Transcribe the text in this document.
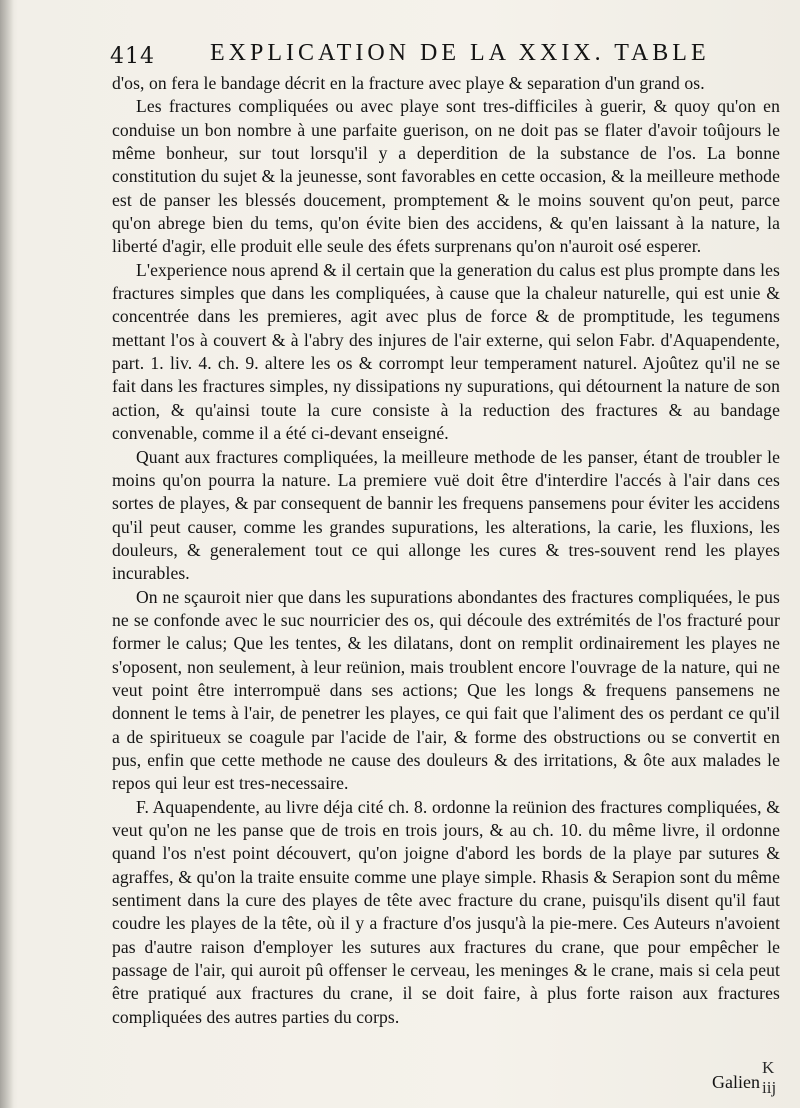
414 EXPLICATION DE LA XXIX. TABLE

d'os, on fera le bandage décrit en la fracture avec playe & separation d'un grand os.

Les fractures compliquées ou avec playe sont tres-difficiles à guerir, & quoy qu'on en conduise un bon nombre à une parfaite guerison, on ne doit pas se flater d'avoir toûjours le même bonheur, sur tout lorsqu'il y a deperdition de la substance de l'os. La bonne constitution du sujet & la jeunesse, sont favorables en cette occasion, & la meilleure methode est de panser les blessés doucement, promptement & le moins souvent qu'on peut, parce qu'on abrege bien du tems, qu'on évite bien des accidens, & qu'en laissant à la nature, la liberté d'agir, elle produit elle seule des éfets surprenans qu'on n'auroit osé esperer.

L'experience nous aprend & il certain que la generation du calus est plus prompte dans les fractures simples que dans les compliquées, à cause que la chaleur naturelle, qui est unie & concentrée dans les premieres, agit avec plus de force & de promptitude, les tegumens mettant l'os à couvert & à l'abry des injures de l'air externe, qui selon Fabr. d'Aquapendente, part. 1. liv. 4. ch. 9. altere les os & corrompt leur temperament naturel. Ajoûtez qu'il ne se fait dans les fractures simples, ny dissipations ny supurations, qui détournent la nature de son action, & qu'ainsi toute la cure consiste à la reduction des fractures & au bandage convenable, comme il a été ci-devant enseigné.

Quant aux fractures compliquées, la meilleure methode de les panser, étant de troubler le moins qu'on pourra la nature. La premiere vuë doit être d'interdire l'accés à l'air dans ces sortes de playes, & par consequent de bannir les frequens pansemens pour éviter les accidens qu'il peut causer, comme les grandes supurations, les alterations, la carie, les fluxions, les douleurs, & generalement tout ce qui allonge les cures & tres-souvent rend les playes incurables.

On ne sçauroit nier que dans les supurations abondantes des fractures compliquées, le pus ne se confonde avec le suc nourricier des os, qui découle des extrémités de l'os fracturé pour former le calus; Que les tentes, & les dilatans, dont on remplit ordinairement les playes ne s'oposent, non seulement, à leur reünion, mais troublent encore l'ouvrage de la nature, qui ne veut point être interrompuë dans ses actions; Que les longs & frequens pansemens ne donnent le tems à l'air, de penetrer les playes, ce qui fait que l'aliment des os perdant ce qu'il a de spiritueux se coagule par l'acide de l'air, & forme des obstructions ou se convertit en pus, enfin que cette methode ne cause des douleurs & des irritations, & ôte aux malades le repos qui leur est tres-necessaire.

F. Aquapendente, au livre déja cité ch. 8. ordonne la reünion des fractures compliquées, & veut qu'on ne les panse que de trois en trois jours, & au ch. 10. du même livre, il ordonne quand l'os n'est point découvert, qu'on joigne d'abord les bords de la playe par sutures & agraffes, & qu'on la traite ensuite comme une playe simple. Rhasis & Serapion sont du même sentiment dans la cure des playes de tête avec fracture du crane, puisqu'ils disent qu'il faut coudre les playes de la tête, où il y a fracture d'os jusqu'à la pie-mere. Ces Auteurs n'avoient pas d'autre raison d'employer les sutures aux fractures du crane, que pour empêcher le passage de l'air, qui auroit pû offenser le cerveau, les meninges & le crane, mais si cela peut être pratiqué aux fractures du crane, il se doit faire, à plus forte raison aux fractures compliquées des autres parties du corps.

K iij
Galien
